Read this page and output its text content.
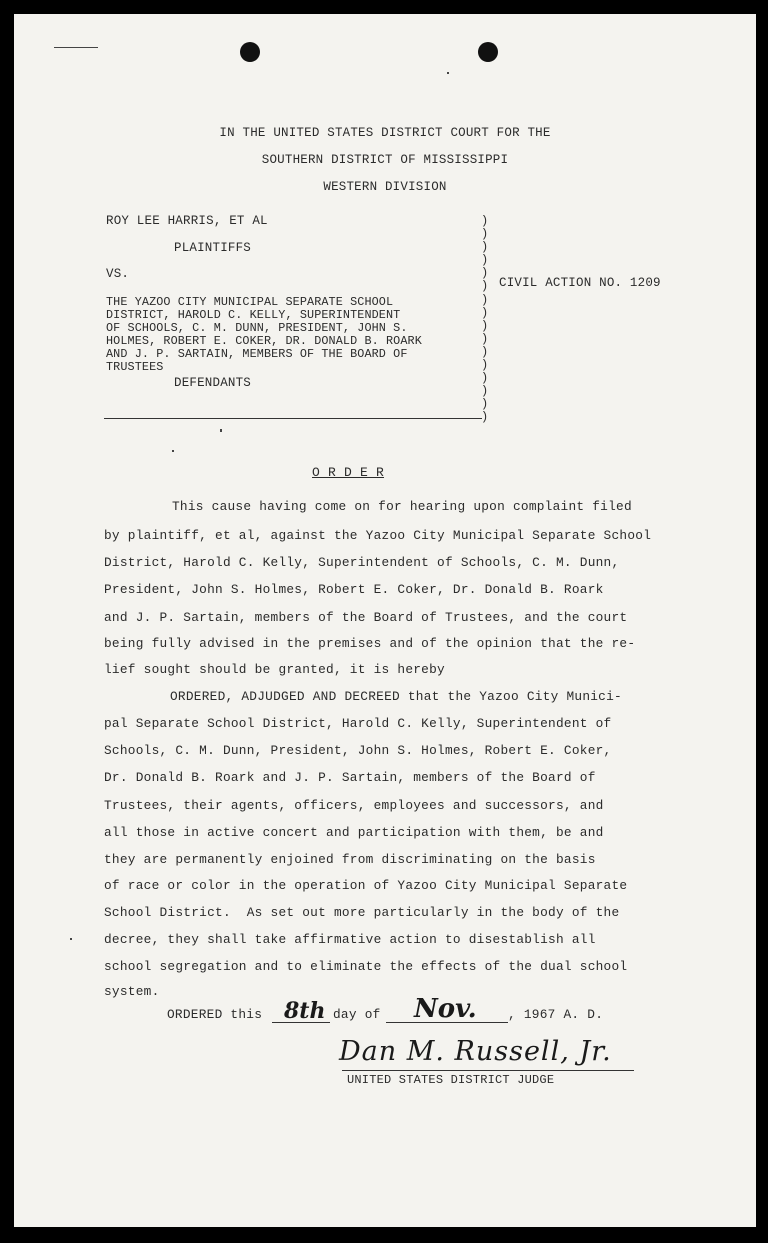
IN THE UNITED STATES DISTRICT COURT FOR THE
SOUTHERN DISTRICT OF MISSISSIPPI
WESTERN DIVISION
ROY LEE HARRIS, ET AL
PLAINTIFFS
VS.
THE YAZOO CITY MUNICIPAL SEPARATE SCHOOL
DISTRICT, HAROLD C. KELLY, SUPERINTENDENT
OF SCHOOLS, C. M. DUNN, PRESIDENT, JOHN S.
HOLMES, ROBERT E. COKER, DR. DONALD B. ROARK
AND J. P. SARTAIN, MEMBERS OF THE BOARD OF
TRUSTEES
DEFENDANTS
)
)
)
)
)
)
)
)
)
)
)
)
)
)
)
)
CIVIL ACTION NO. 1209
O R D E R
This cause having come on for hearing upon complaint filed
by plaintiff, et al, against the Yazoo City Municipal Separate School
District, Harold C. Kelly, Superintendent of Schools, C. M. Dunn,
President, John S. Holmes, Robert E. Coker, Dr. Donald B. Roark
and J. P. Sartain, members of the Board of Trustees, and the court
being fully advised in the premises and of the opinion that the re-
lief sought should be granted, it is hereby
ORDERED, ADJUDGED AND DECREED that the Yazoo City Munici-
pal Separate School District, Harold C. Kelly, Superintendent of
Schools, C. M. Dunn, President, John S. Holmes, Robert E. Coker,
Dr. Donald B. Roark and J. P. Sartain, members of the Board of
Trustees, their agents, officers, employees and successors, and
all those in active concert and participation with them, be and
they are permanently enjoined from discriminating on the basis
of race or color in the operation of Yazoo City Municipal Separate
School District.  As set out more particularly in the body of the
decree, they shall take affirmative action to disestablish all
school segregation and to eliminate the effects of the dual school
system.
ORDERED this 8th day of Nov. , 1967 A. D.
Dan M. Russell, Jr.
UNITED STATES DISTRICT JUDGE
